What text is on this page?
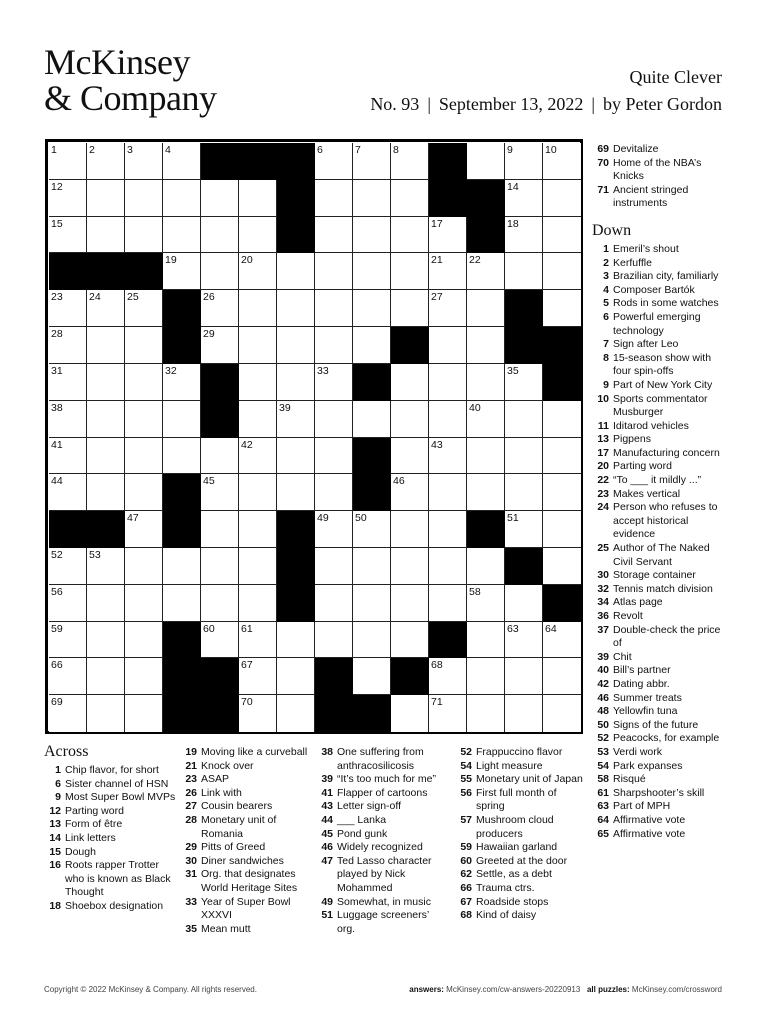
McKinsey
& Company
Quite Clever
No. 93 | September 13, 2022 | by Peter Gordon
1	2	3	4	6	7	8	9	10
12	14
15	17	18
19	20	21	22
23	24	25	26	27
28	29
31	32	33	35
38	39	40
41	42	43
44	45	46
47	49	50	51
52	53
56	58
59	60	61	63	64
66	67	68
69	70	71
Across
1 Chip flavor, for short
6 Sister channel of HSN
9 Most Super Bowl MVPs
12 Parting word
13 Form of être
14 Link letters
15 Dough
16 Roots rapper Trotter who is known as Black Thought
18 Shoebox designation
19 Moving like a curveball
21 Knock over
23 ASAP
26 Link with
27 Cousin bearers
28 Monetary unit of Romania
29 Pitts of Greed
30 Diner sandwiches
31 Org. that designates World Heritage Sites
33 Year of Super Bowl XXXVI
35 Mean mutt
38 One suffering from anthracosilicosis
39 “It’s too much for me”
41 Flapper of cartoons
43 Letter sign-off
44 ___ Lanka
45 Pond gunk
46 Widely recognized
47 Ted Lasso character played by Nick Mohammed
49 Somewhat, in music
51 Luggage screeners’ org.
52 Frappuccino flavor
54 Light measure
55 Monetary unit of Japan
56 First full month of spring
57 Mushroom cloud producers
59 Hawaiian garland
60 Greeted at the door
62 Settle, as a debt
66 Trauma ctrs.
67 Roadside stops
68 Kind of daisy
69 Devitalize
70 Home of the NBA’s Knicks
71 Ancient stringed instruments
Down
1 Emeril’s shout
2 Kerfuffle
3 Brazilian city, familiarly
4 Composer Bartók
5 Rods in some watches
6 Powerful emerging technology
7 Sign after Leo
8 15-season show with four spin-offs
9 Part of New York City
10 Sports commentator Musburger
11 Iditarod vehicles
13 Pigpens
17 Manufacturing concern
20 Parting word
22 “To ___ it mildly ...”
23 Makes vertical
24 Person who refuses to accept historical evidence
25 Author of The Naked Civil Servant
30 Storage container
32 Tennis match division
34 Atlas page
36 Revolt
37 Double-check the price of
39 Chit
40 Bill’s partner
42 Dating abbr.
46 Summer treats
48 Yellowfin tuna
50 Signs of the future
52 Peacocks, for example
53 Verdi work
54 Park expanses
58 Risqué
61 Sharpshooter’s skill
63 Part of MPH
64 Affirmative vote
65 Affirmative vote
Copyright © 2022 McKinsey & Company. All rights reserved.	answers: McKinsey.com/cw-answers-20220913 all puzzles: McKinsey.com/crossword
